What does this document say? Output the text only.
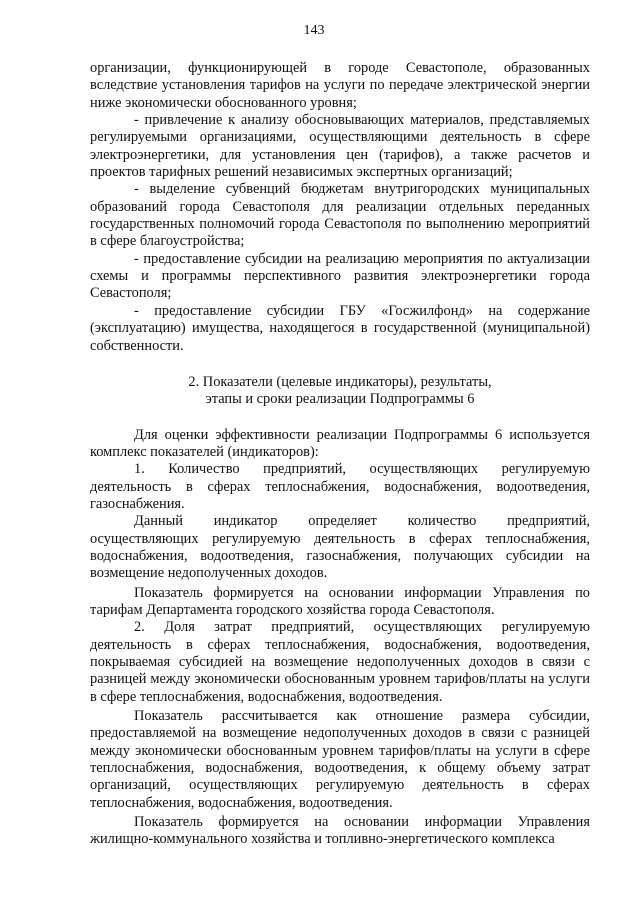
143

организации, функционирующей в городе Севастополе, образованных вследствие установления тарифов на услуги по передаче электрической энергии ниже экономически обоснованного уровня;

- привлечение к анализу обосновывающих материалов, представляемых регулируемыми организациями, осуществляющими деятельность в сфере электроэнергетики, для установления цен (тарифов), а также расчетов и проектов тарифных решений независимых экспертных организаций;

- выделение субвенций бюджетам внутригородских муниципальных образований города Севастополя для реализации отдельных переданных государственных полномочий города Севастополя по выполнению мероприятий в сфере благоустройства;

- предоставление субсидии на реализацию мероприятия по актуализации схемы и программы перспективного развития электроэнергетики города Севастополя;

- предоставление субсидии ГБУ «Госжилфонд» на содержание (эксплуатацию) имущества, находящегося в государственной (муниципальной) собственности.

2. Показатели (целевые индикаторы), результаты,
этапы и сроки реализации Подпрограммы 6

Для оценки эффективности реализации Подпрограммы 6 используется комплекс показателей (индикаторов):

1. Количество предприятий, осуществляющих регулируемую деятельность в сферах теплоснабжения, водоснабжения, водоотведения, газоснабжения.

Данный индикатор определяет количество предприятий, осуществляющих регулируемую деятельность в сферах теплоснабжения, водоснабжения, водоотведения, газоснабжения, получающих субсидии на возмещение недополученных доходов.

Показатель формируется на основании информации Управления по тарифам Департамента городского хозяйства города Севастополя.

2. Доля затрат предприятий, осуществляющих регулируемую деятельность в сферах теплоснабжения, водоснабжения, водоотведения, покрываемая субсидией на возмещение недополученных доходов в связи с разницей между экономически обоснованным уровнем тарифов/платы на услуги в сфере теплоснабжения, водоснабжения, водоотведения.

Показатель рассчитывается как отношение размера субсидии, предоставляемой на возмещение недополученных доходов в связи с разницей между экономически обоснованным уровнем тарифов/платы на услуги в сфере теплоснабжения, водоснабжения, водоотведения, к общему объему затрат организаций, осуществляющих регулируемую деятельность в сферах теплоснабжения, водоснабжения, водоотведения.

Показатель формируется на основании информации Управления жилищно-коммунального хозяйства и топливно-энергетического комплекса
